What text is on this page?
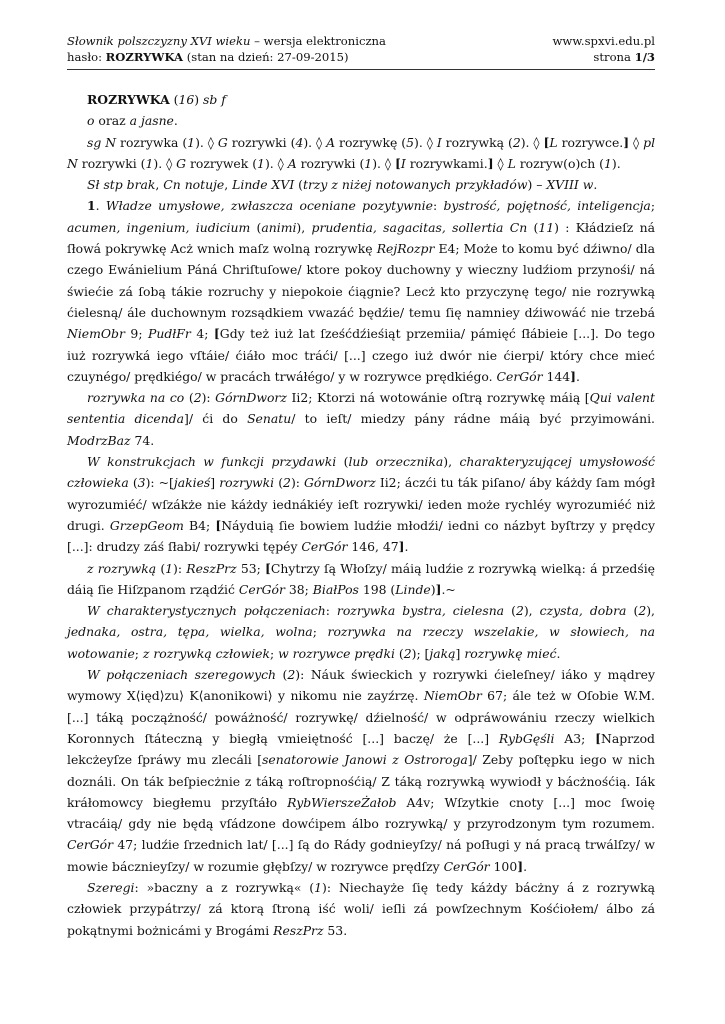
Słownik polszczyzny XVI wieku – wersja elektroniczna	www.spxvi.edu.pl
hasło: ROZRYWKA (stan na dzień: 27-09-2015)	strona 1/3

ROZRYWKA (16) sb f

o oraz a jasne.

sg N rozrywka (1). ◊ G rozrywki (4). ◊ A rozrywkę (5). ◊ I rozrywką (2). ◊ [L rozrywce.] ◊ pl N rozrywki (1). ◊ G rozrywek (1). ◊ A rozrywki (1). ◊ [I rozrywkami.] ◊ L rozryw(o)ch (1).

Sł stp brak, Cn notuje, Linde XVI (trzy z niżej notowanych przykładów) – XVIII w.

1. Władze umysłowe, zwłaszcza oceniane pozytywnie: bystrość, pojętność, inteligencja; acumen, ingenium, iudicium (animi), prudentia, sagacitas, sollertia Cn (11) : Kłádzieſz ná ſłowá pokrywkę Acż wnich maſz wolną rozrywkę RejRozpr E4; Może to komu być dźiwno/ dla czego Ewánielium Páná Chriſtuſowe/ ktore pokoy duchowny y wieczny ludźiom przynośi/ ná świećie zá ſobą tákie rozruchy y niepokoie ćiągnie? Lecż kto przyczynę tego/ nie rozrywką ćielesną/ ále duchownym rozsądkiem vwazáć będźie/ temu ſię namniey dźiwowáć nie trzebá NiemObr 9; PudłFr 4; [Gdy też iuż lat ſześćdźieśiąt przemiia/ pámięć ſłábieie [...]. Do tego iuż rozrywká iego vſtáie/ ćiáło moc tráći/ [...] czego iuż dwór nie ćierpi/ który chce mieć czuynégo/ prędkiégo/ w pracách trwáłégo/ y w rozrywce prędkiégo. CerGór 144].

rozrywka na co (2): GórnDworz Ii2; Ktorzi ná wotowánie oſtrą rozrywkę máią [Qui valent sententia dicenda]/ ći do Senatu/ to ieſt/ miedzy pány rádne máią być przyimowáni. ModrzBaz 74.

W konstrukcjach w funkcji przydawki (lub orzecznika), charakteryzującej umysłowość człowieka (3): ~[jakieś] rozrywki (2): GórnDworz Ii2; áczći tu ták piſano/ áby káżdy ſam mógł wyrozumiéć/ wſzákże nie káżdy iednákiéy ieſt rozrywki/ ieden może rychléy wyrozumiéć niż drugi. GrzepGeom B4; [Náyduią ſie bowiem ludźie młodźi/ iedni co názbyt byſtrzy y prędcy [...]: drudzy záś ſłabi/ rozrywki tępéy CerGór 146, 47].

z rozrywką (1): ReszPrz 53; [Chytrzy ſą Włoſzy/ máią ludźie z rozrywką wielką: á przedśię dáią ſie Hiſzpanom rządźić CerGór 38; BiałPos 198 (Linde)].~

W charakterystycznych połączeniach: rozrywka bystra, cielesna (2), czysta, dobra (2), jednaka, ostra, tępa, wielka, wolna; rozrywka na rzeczy wszelakie, w słowiech, na wotowanie; z rozrywką człowiek; w rozrywce prędki (2); [jaką] rozrywkę mieć.

W połączeniach szeregowych (2): Náuk świeckich y rozrywki ćieleſney/ iáko y mądrey wymowy X⟨ięd⟩zu⟩ K⟨anonikowi⟩ y nikomu nie zayźrzę. NiemObr 67; ále też w Oſobie W.M. [...] táką począżność/ powáżność/ rozrywkę/ dźielność/ w odpráwowániu rzeczy wielkich Koronnych ſtáteczną y biegłą vmieiętność [...] baczę/ że [...] RybGęśli A3; [Naprzod lekcżeyſze ſpráwy mu zlecáli [senatorowie Janowi z Ostroroga]/ Zeby poſtępku iego w nich doználi. On ták beſpiecżnie z táką roſtropnośćią/ Z táką rozrywką wywiodł y bácżnośćią. Iák kráłomowcy biegłemu przyſtáło RybWierszeŻałob A4v; Wſzytkie cnoty [...] moc ſwoię vtracáią/ gdy nie będą vſádzone dowćipem álbo rozrywką/ y przyrodzonym tym rozumem. CerGór 47; ludźie ſrzednich lat/ [...] ſą do Rády godnieyſzy/ ná poſługi y ná pracą trwálſzy/ w mowie bácznieyſzy/ w rozumie głębſzy/ w rozrywce prędſzy CerGór 100].

Szeregi: »baczny a z rozrywką« (1): Niechayże ſię tedy káżdy bácżny á z rozrywką człowiek przypátrzy/ zá ktorą ſtroną iść woli/ ieſli zá powſzechnym Kośćiołem/ álbo zá pokątnymi bożnicámi y Brogámi ReszPrz 53.
